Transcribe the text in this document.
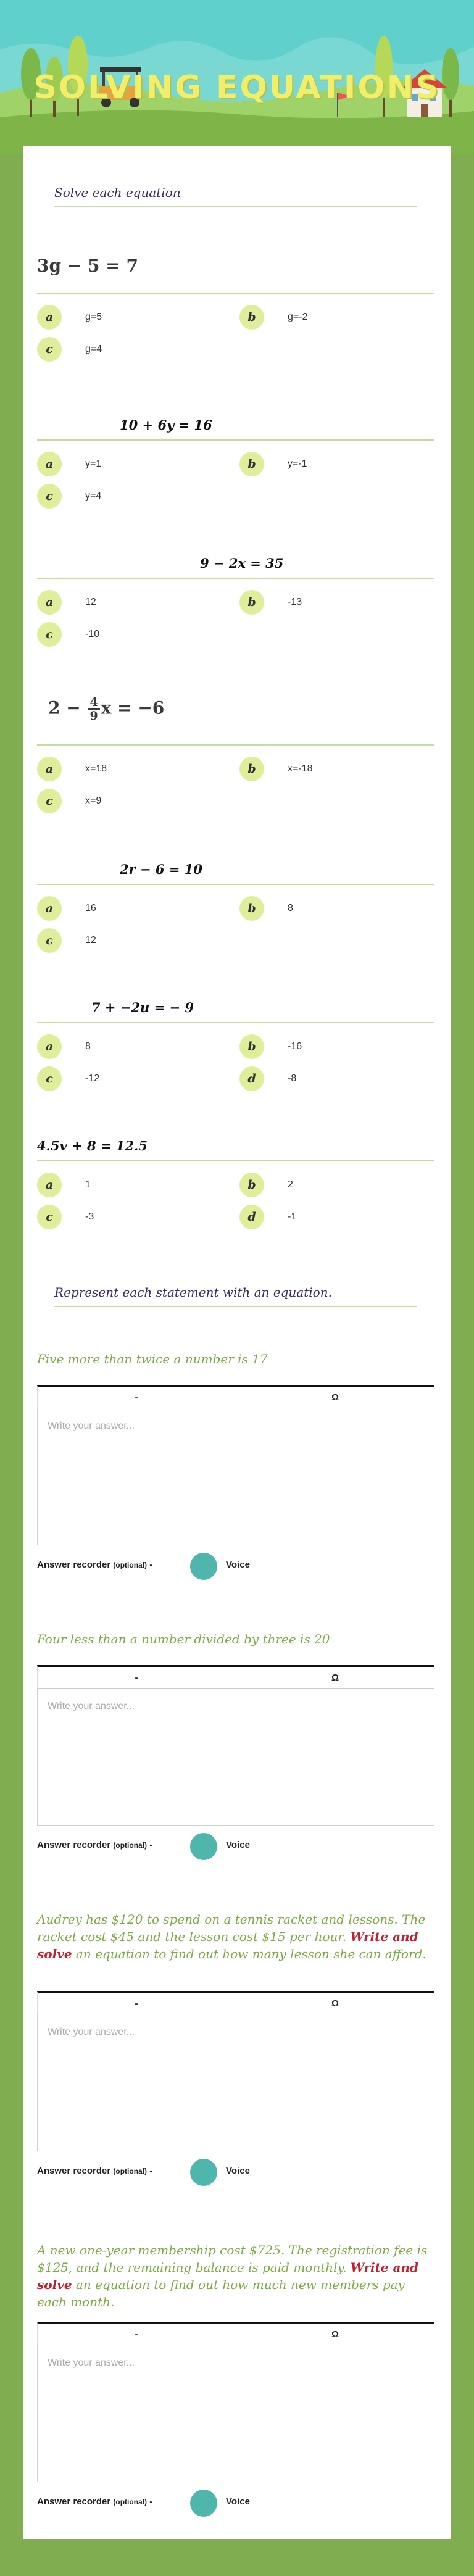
SOLVING EQUATIONS
Solve each equation
3g − 5 = 7
a	g=5	b	g=-2
c	g=4
10 + 6y = 16
a	y=1	b	y=-1
c	y=4
9 − 2x = 35
a	12	b	-13
c	-10
$2 - \frac{4}{9}$ x = −6
a	x=18	b	x=-18
c	x=9
2r − 6 = 10
a	16	b	8
c	12
7 + −2u = − 9
a	8	b	-16
c	-12	d	-8
4.5v + 8 = 12.5
a	1	b	2
c	-3	d	-1
Represent each statement with an equation.
Five more than twice a number is 17
-	Ω
Write your answer...
Answer recorder (optional) -	Voice
Four less than a number divided by three is 20
-	Ω
Write your answer...
Answer recorder (optional) -	Voice
Audrey has $120 to spend on a tennis racket and lessons. The racket cost $45 and the lesson cost $15 per hour. Write and solve an equation to find out how many lesson she can afford.
-	Ω
Write your answer...
Answer recorder (optional) -	Voice
A new one-year membership cost $725. The registration fee is $125, and the remaining balance is paid monthly. Write and solve an equation to find out how much new members pay each month.
-	Ω
Write your answer...
Answer recorder (optional) -	Voice
